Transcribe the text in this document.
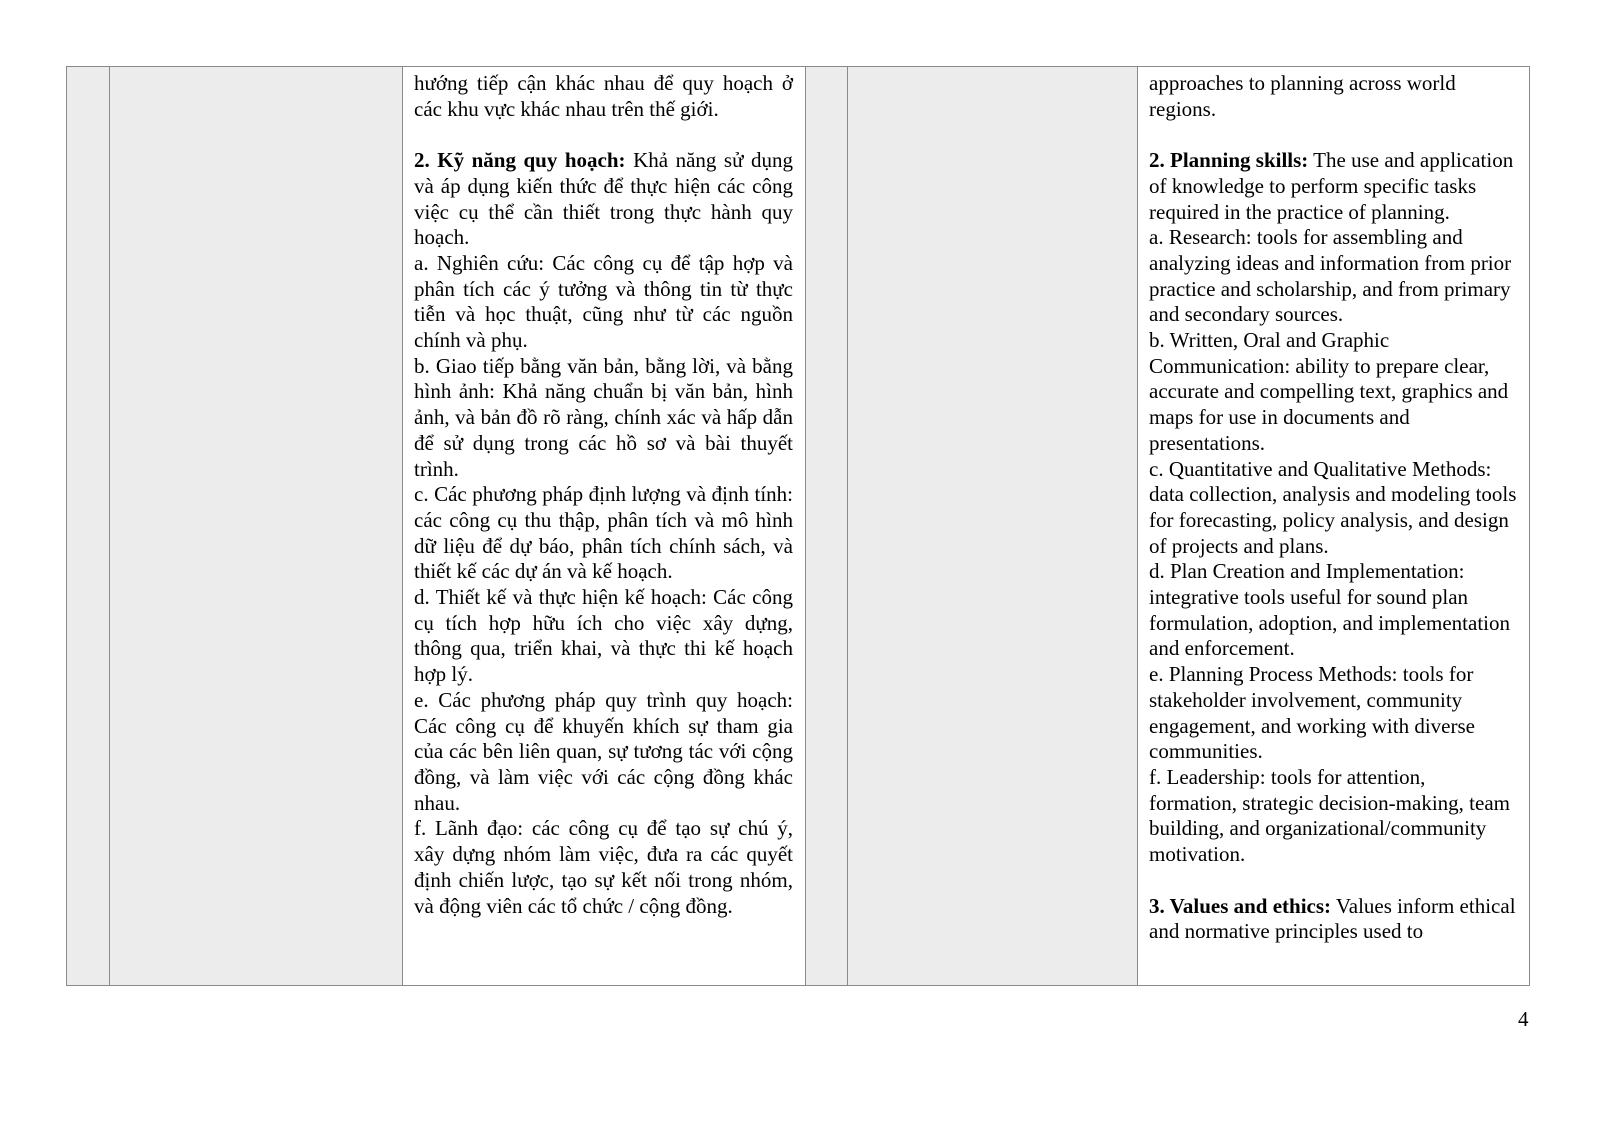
hướng tiếp cận khác nhau để quy hoạch ở các khu vực khác nhau trên thế giới.

2. Kỹ năng quy hoạch: Khả năng sử dụng và áp dụng kiến thức để thực hiện các công việc cụ thể cần thiết trong thực hành quy hoạch.

a. Nghiên cứu: Các công cụ để tập hợp và phân tích các ý tưởng và thông tin từ thực tiễn và học thuật, cũng như từ các nguồn chính và phụ.

b. Giao tiếp bằng văn bản, bằng lời, và bằng hình ảnh: Khả năng chuẩn bị văn bản, hình ảnh, và bản đồ rõ ràng, chính xác và hấp dẫn để sử dụng trong các hồ sơ và bài thuyết trình.

c. Các phương pháp định lượng và định tính: các công cụ thu thập, phân tích và mô hình dữ liệu để dự báo, phân tích chính sách, và thiết kế các dự án và kế hoạch.

d. Thiết kế và thực hiện kế hoạch: Các công cụ tích hợp hữu ích cho việc xây dựng, thông qua, triển khai, và thực thi kế hoạch hợp lý.

e. Các phương pháp quy trình quy hoạch: Các công cụ để khuyến khích sự tham gia của các bên liên quan, sự tương tác với cộng đồng, và làm việc với các cộng đồng khác nhau.

f. Lãnh đạo: các công cụ để tạo sự chú ý, xây dựng nhóm làm việc, đưa ra các quyết định chiến lược, tạo sự kết nối trong nhóm, và động viên các tổ chức / cộng đồng.

approaches to planning across world regions.

2. Planning skills: The use and application of knowledge to perform specific tasks required in the practice of planning.

a. Research: tools for assembling and analyzing ideas and information from prior practice and scholarship, and from primary and secondary sources.

b. Written, Oral and Graphic Communication: ability to prepare clear, accurate and compelling text, graphics and maps for use in documents and presentations.

c. Quantitative and Qualitative Methods: data collection, analysis and modeling tools for forecasting, policy analysis, and design of projects and plans.

d. Plan Creation and Implementation: integrative tools useful for sound plan formulation, adoption, and implementation and enforcement.

e. Planning Process Methods: tools for stakeholder involvement, community engagement, and working with diverse communities.

f. Leadership: tools for attention, formation, strategic decision-making, team building, and organizational/community motivation.

3. Values and ethics: Values inform ethical and normative principles used to

4
